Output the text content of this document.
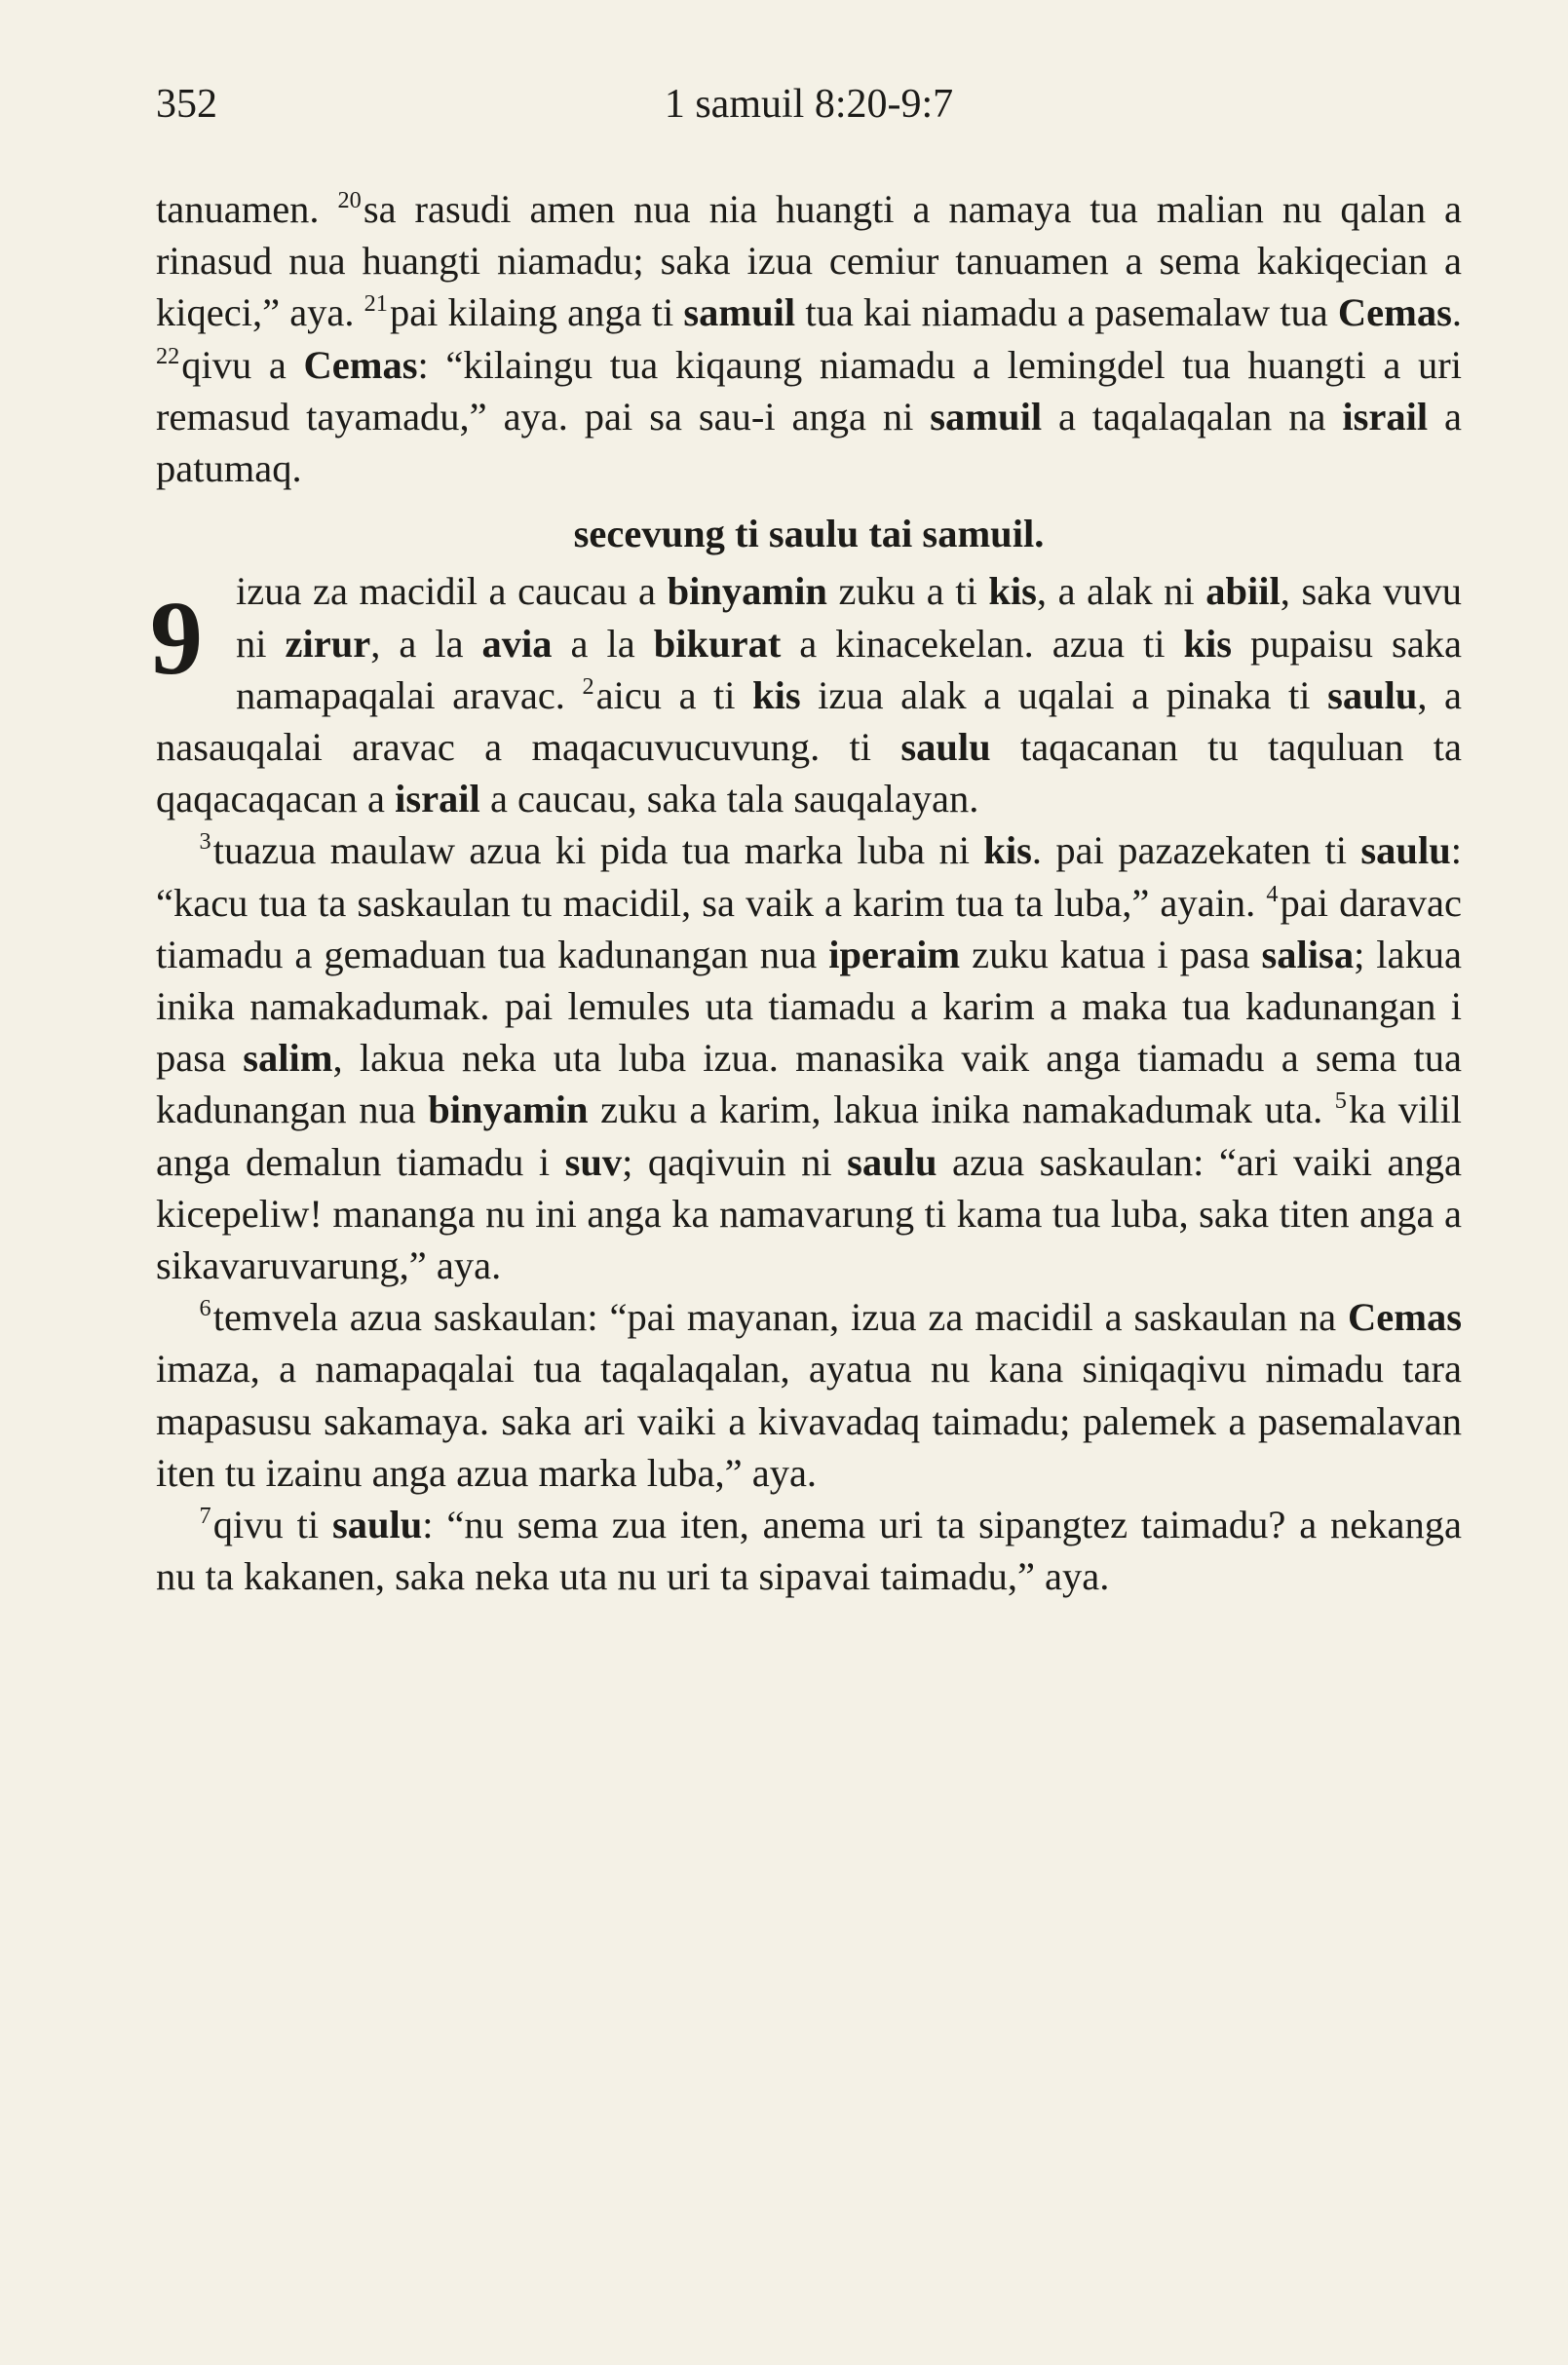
352	1 samuil 8:20-9:7

tanuamen. $^{20}$sa rasudi amen nua nia huangti a namaya tua malian nu qalan a rinasud nua huangti niamadu; saka izua cemiur tanuamen a sema kakiqecian a kiqeci,” aya. $^{21}$pai kilaing anga ti samuil tua kai niamadu a pasemalaw tua Cemas. $^{22}$qivu a Cemas: “kilaingu tua kiqaung niamadu a lemingdel tua huangti a uri remasud tayamadu,” aya. pai sa sau-i anga ni samuil a taqalaqalan na israil a patumaq.

secevung ti saulu tai samuil.

9 izua za macidil a caucau a binyamin zuku a ti kis, a alak ni abiil, saka vuvu ni zirur, a la avia a la bikurat a kinacekelan. azua ti kis pupaisu saka namapaqalai aravac. $^2$aicu a ti kis izua alak a uqalai a pinaka ti saulu, a nasauqalai aravac a maqacuvucuvung. ti saulu taqacanan tu taquluan ta qaqacaqacan a israil a caucau, saka tala sauqalayan.

$^3$tuazua maulaw azua ki pida tua marka luba ni kis. pai pazazekaten ti saulu: “kacu tua ta saskaulan tu macidil, sa vaik a karim tua ta luba,” ayain. $^4$pai daravac tiamadu a gemaduan tua kadunangan nua iperaim zuku katua i pasa salisa; lakua inika namakadumak. pai lemules uta tiamadu a karim a maka tua kadunangan i pasa salim, lakua neka uta luba izua. manasika vaik anga tiamadu a sema tua kadunangan nua binyamin zuku a karim, lakua inika namakadumak uta. $^5$ka vilil anga demalun tiamadu i suv; qaqivuin ni saulu azua saskaulan: “ari vaiki anga kicepeliw! mananga nu ini anga ka namavarung ti kama tua luba, saka titen anga a sikavaruvarung,” aya.

$^6$temvela azua saskaulan: “pai mayanan, izua za macidil a saskaulan na Cemas imaza, a namapaqalai tua taqalaqalan, ayatua nu kana siniqaqivu nimadu tara mapasusu sakamaya. saka ari vaiki a kivavadaq taimadu; palemek a pasemalavan iten tu izainu anga azua marka luba,” aya.

$^7$qivu ti saulu: “nu sema zua iten, anema uri ta sipangtez taimadu? a nekanga nu ta kakanen, saka neka uta nu uri ta sipavai taimadu,” aya.
